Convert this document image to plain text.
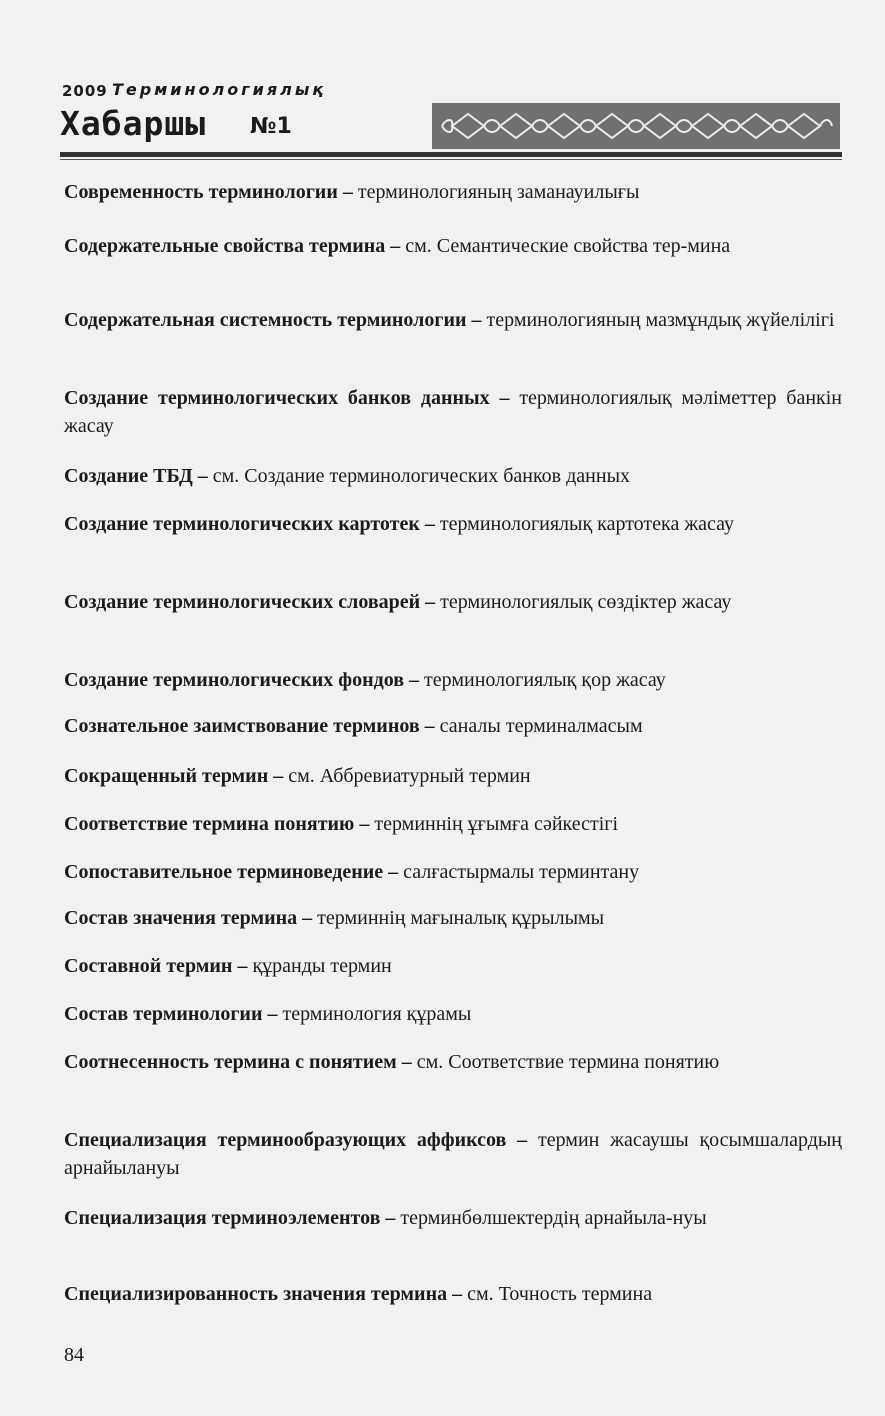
2009 Терминологиялық
Хабаршы №1
Современность терминологии – терминологияның заманауилығы
Содержательные свойства термина – см. Семантические свойства тер-мина
Содержательная системность терминологии – терминологияның мазмұндық жүйелілігі
Создание терминологических банков данных – терминологиялық мәліметтер банкін жасау
Создание ТБД – см. Создание терминологических банков данных
Создание терминологических картотек – терминологиялық картотека жасау
Создание терминологических словарей – терминологиялық сөздіктер жасау
Создание терминологических фондов – терминологиялық қор жасау
Сознательное заимствование терминов – саналы терминалмасым
Сокращенный термин – см. Аббревиатурный термин
Соответствие термина понятию – терминнің ұғымға сәйкестігі
Сопоставительное терминоведение – салғастырмалы терминтану
Состав значения термина – терминнің мағыналық құрылымы
Составной термин – құранды термин
Состав терминологии – терминология құрамы
Соотнесенность термина с понятием – см. Соответствие термина понятию
Специализация терминообразующих аффиксов – термин жасаушы қосымшалардың арнайылануы
Специализация терминоэлементов – терминбөлшектердің арнайыла-нуы
Специализированность значения термина – см. Точность термина
84
